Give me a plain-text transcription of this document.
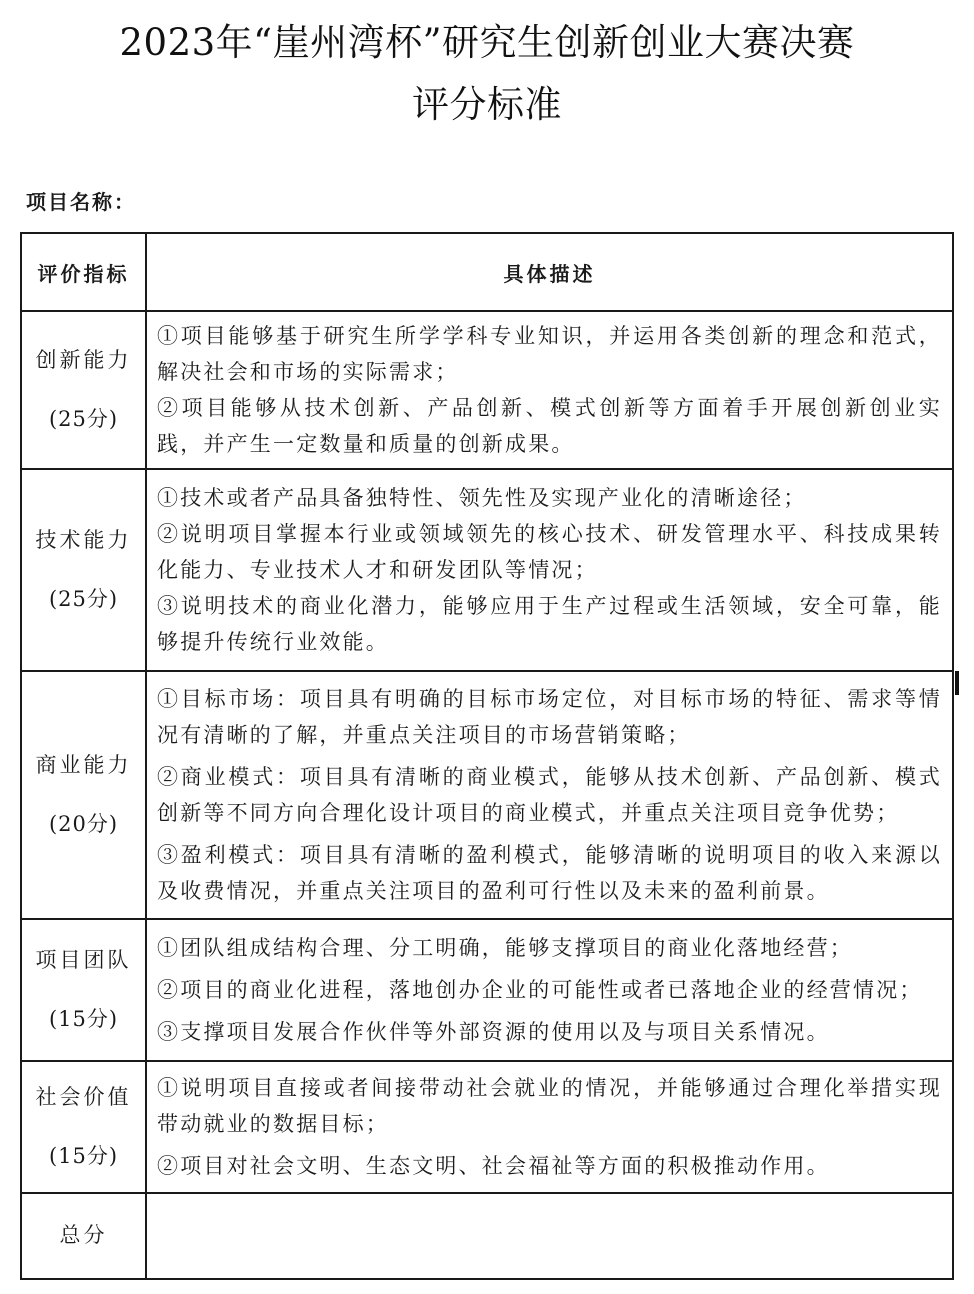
2023年“崖州湾杯”研究生创新创业大赛决赛
评分标准
项目名称：
评价指标	具体描述

创新能力
(25分)	①项目能够基于研究生所学学科专业知识，并运用各类创新的理念和范式，解决社会和市场的实际需求；
②项目能够从技术创新、产品创新、模式创新等方面着手开展创新创业实践，并产生一定数量和质量的创新成果。

技术能力
(25分)	①技术或者产品具备独特性、领先性及实现产业化的清晰途径；
②说明项目掌握本行业或领域领先的核心技术、研发管理水平、科技成果转化能力、专业技术人才和研发团队等情况；
③说明技术的商业化潜力，能够应用于生产过程或生活领域，安全可靠，能够提升传统行业效能。

商业能力
(20分)	①目标市场：项目具有明确的目标市场定位，对目标市场的特征、需求等情况有清晰的了解，并重点关注项目的市场营销策略；
②商业模式：项目具有清晰的商业模式，能够从技术创新、产品创新、模式创新等不同方向合理化设计项目的商业模式，并重点关注项目竞争优势；
③盈利模式：项目具有清晰的盈利模式，能够清晰的说明项目的收入来源以及收费情况，并重点关注项目的盈利可行性以及未来的盈利前景。

项目团队
(15分)	①团队组成结构合理、分工明确，能够支撑项目的商业化落地经营；
②项目的商业化进程，落地创办企业的可能性或者已落地企业的经营情况；
③支撑项目发展合作伙伴等外部资源的使用以及与项目关系情况。

社会价值
(15分)	①说明项目直接或者间接带动社会就业的情况，并能够通过合理化举措实现带动就业的数据目标；
②项目对社会文明、生态文明、社会福祉等方面的积极推动作用。

总分	
